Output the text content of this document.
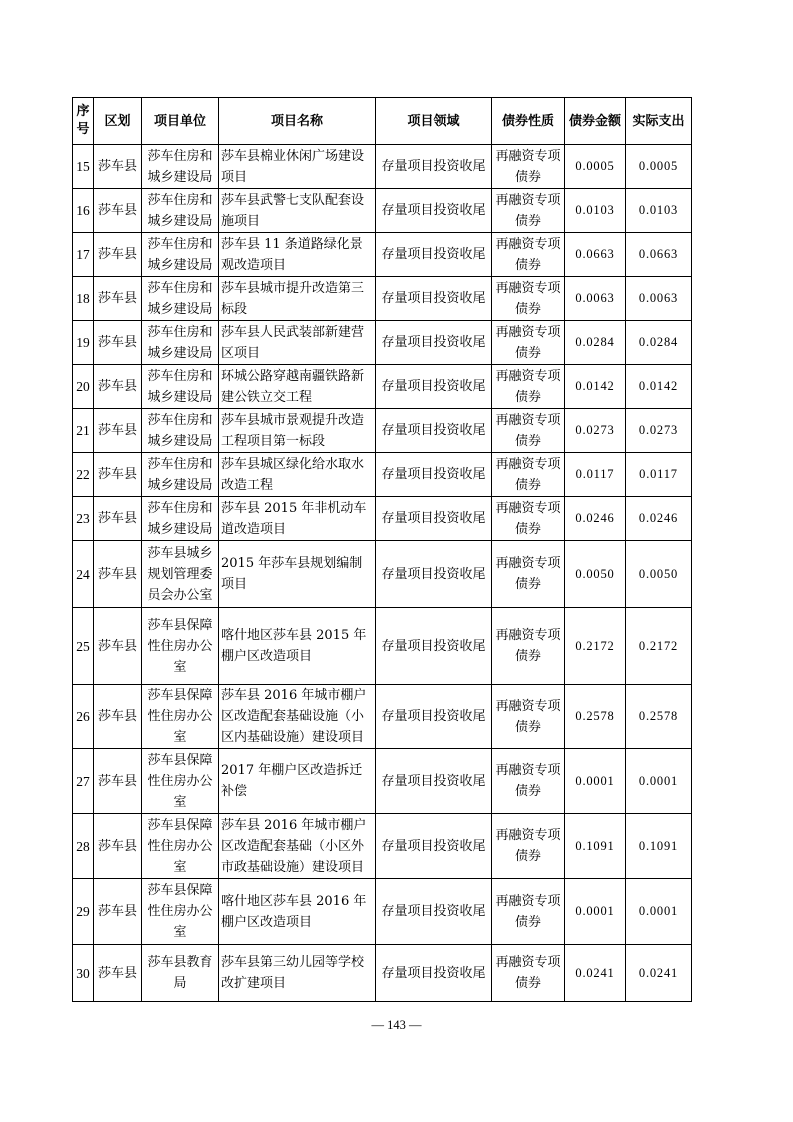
序号	区划	项目单位	项目名称	项目领域	债券性质	债券金额	实际支出
15	莎车县	莎车住房和城乡建设局	莎车县棉业休闲广场建设项目	存量项目投资收尾	再融资专项债券	0.0005	0.0005
16	莎车县	莎车住房和城乡建设局	莎车县武警七支队配套设施项目	存量项目投资收尾	再融资专项债券	0.0103	0.0103
17	莎车县	莎车住房和城乡建设局	莎车县 11 条道路绿化景观改造项目	存量项目投资收尾	再融资专项债券	0.0663	0.0663
18	莎车县	莎车住房和城乡建设局	莎车县城市提升改造第三标段	存量项目投资收尾	再融资专项债券	0.0063	0.0063
19	莎车县	莎车住房和城乡建设局	莎车县人民武装部新建营区项目	存量项目投资收尾	再融资专项债券	0.0284	0.0284
20	莎车县	莎车住房和城乡建设局	环城公路穿越南疆铁路新建公铁立交工程	存量项目投资收尾	再融资专项债券	0.0142	0.0142
21	莎车县	莎车住房和城乡建设局	莎车县城市景观提升改造工程项目第一标段	存量项目投资收尾	再融资专项债券	0.0273	0.0273
22	莎车县	莎车住房和城乡建设局	莎车县城区绿化给水取水改造工程	存量项目投资收尾	再融资专项债券	0.0117	0.0117
23	莎车县	莎车住房和城乡建设局	莎车县 2015 年非机动车道改造项目	存量项目投资收尾	再融资专项债券	0.0246	0.0246
24	莎车县	莎车县城乡规划管理委员会办公室	2015 年莎车县规划编制项目	存量项目投资收尾	再融资专项债券	0.0050	0.0050
25	莎车县	莎车县保障性住房办公室	喀什地区莎车县 2015 年棚户区改造项目	存量项目投资收尾	再融资专项债券	0.2172	0.2172
26	莎车县	莎车县保障性住房办公室	莎车县 2016 年城市棚户区改造配套基础设施（小区内基础设施）建设项目	存量项目投资收尾	再融资专项债券	0.2578	0.2578
27	莎车县	莎车县保障性住房办公室	2017 年棚户区改造拆迁补偿	存量项目投资收尾	再融资专项债券	0.0001	0.0001
28	莎车县	莎车县保障性住房办公室	莎车县 2016 年城市棚户区改造配套基础（小区外市政基础设施）建设项目	存量项目投资收尾	再融资专项债券	0.1091	0.1091
29	莎车县	莎车县保障性住房办公室	喀什地区莎车县 2016 年棚户区改造项目	存量项目投资收尾	再融资专项债券	0.0001	0.0001
30	莎车县	莎车县教育局	莎车县第三幼儿园等学校改扩建项目	存量项目投资收尾	再融资专项债券	0.0241	0.0241
— 143 —
